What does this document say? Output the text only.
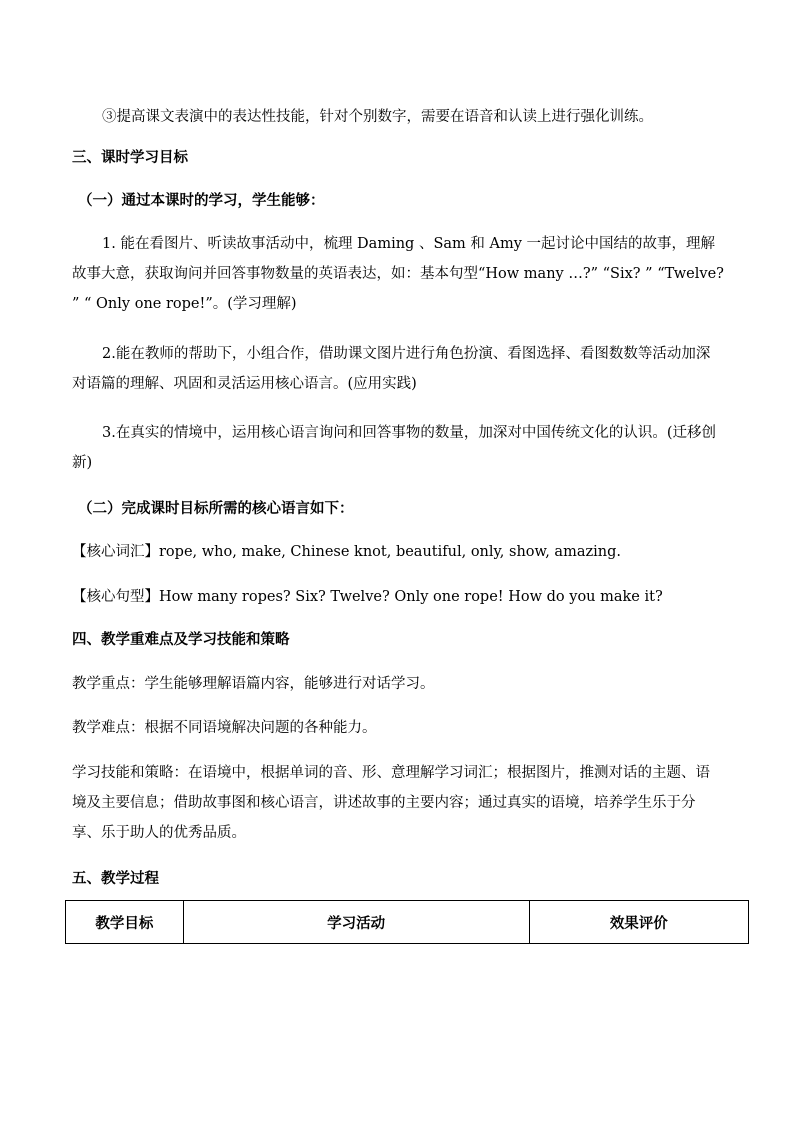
③提高课文表演中的表达性技能，针对个别数字，需要在语音和认读上进行强化训练。
三、课时学习目标
（一）通过本课时的学习，学生能够：
1. 能在看图片、听读故事活动中，梳理 Daming 、Sam 和 Amy 一起讨论中国结的故事，理解故事大意，获取询问并回答事物数量的英语表达，如：基本句型“How many …?” “Six? ” “Twelve? ” “ Only one rope!”。(学习理解)
2.能在教师的帮助下，小组合作，借助课文图片进行角色扮演、看图选择、看图数数等活动加深对语篇的理解、巩固和灵活运用核心语言。(应用实践)
3.在真实的情境中，运用核心语言询问和回答事物的数量，加深对中国传统文化的认识。(迁移创新)
（二）完成课时目标所需的核心语言如下：
【核心词汇】rope, who, make, Chinese knot, beautiful, only, show, amazing.
【核心句型】How many ropes? Six? Twelve? Only one rope! How do you make it?
四、教学重难点及学习技能和策略
教学重点：学生能够理解语篇内容，能够进行对话学习。
教学难点：根据不同语境解决问题的各种能力。
学习技能和策略：在语境中，根据单词的音、形、意理解学习词汇；根据图片，推测对话的主题、语境及主要信息；借助故事图和核心语言，讲述故事的主要内容；通过真实的语境，培养学生乐于分享、乐于助人的优秀品质。
五、教学过程
教学目标	学习活动	效果评价
